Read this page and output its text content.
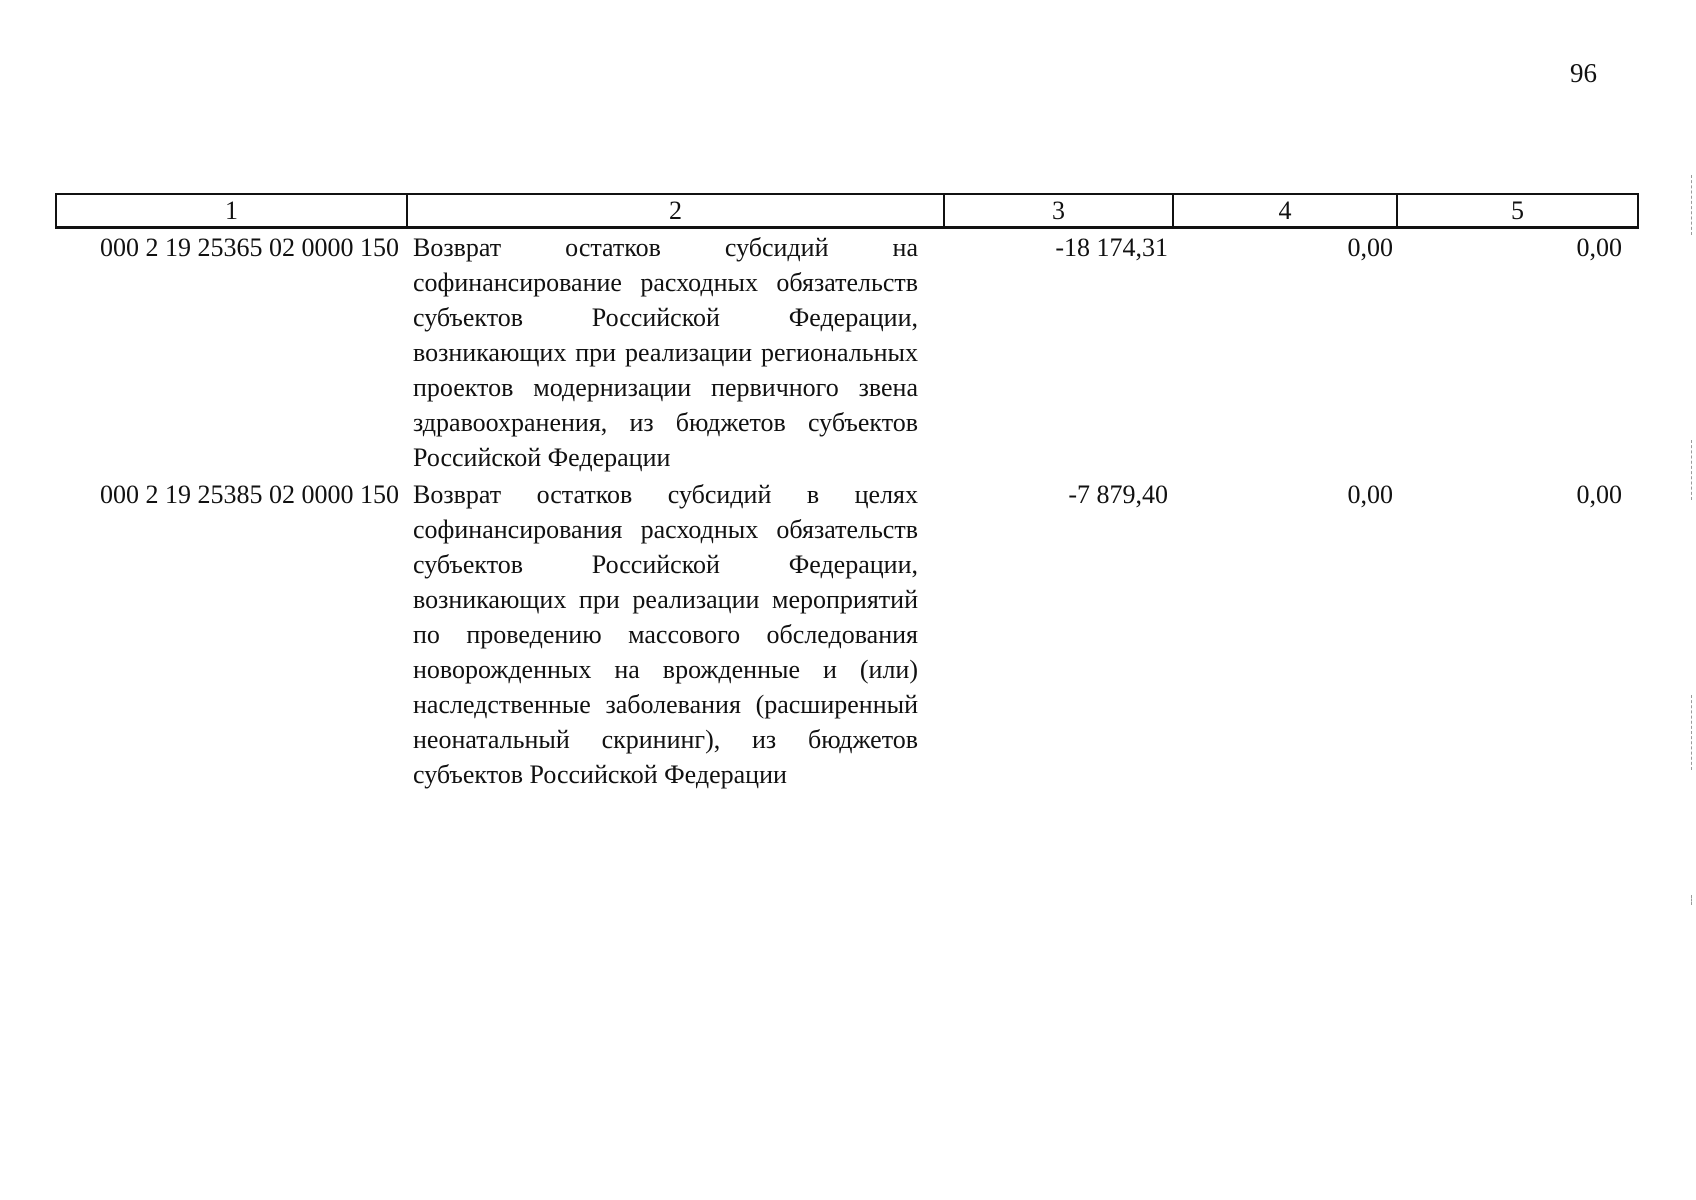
96
1	2	3	4	5
000 2 19 25365 02 0000 150	Возврат остатков субсидий на софинансирование расходных обязательств субъектов Российской Федерации, возникающих при реализации региональных проектов модернизации первичного звена здравоохранения, из бюджетов субъектов Российской Федерации	-18 174,31	0,00	0,00
000 2 19 25385 02 0000 150	Возврат остатков субсидий в целях софинансирования расходных обязательств субъектов Российской Федерации, возникающих при реализации мероприятий по проведению массового обследования новорожденных на врожденные и (или) наследственные заболевания (расширенный неонатальный скрининг), из бюджетов субъектов Российской Федерации	-7 879,40	0,00	0,00
